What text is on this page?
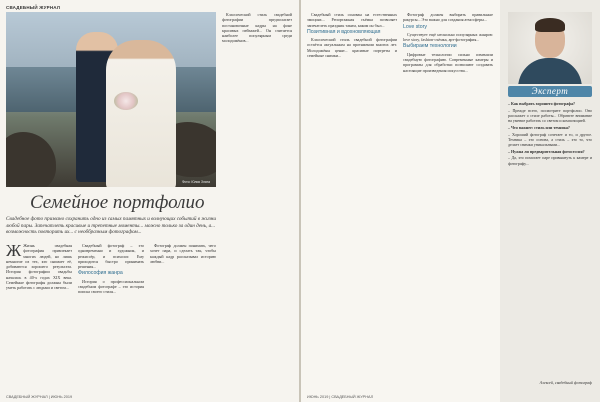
СВАДЕБНЫЙ ЖУРНАЛ
Фото: Юлия Злата
Семейное портфолио
Свадебное фото призвано сохранить одно из самых памятных и волнующих событий в жизни любой пары. Запечатлеть красивые и трепетные моменты... можно только за один день, а... возможность повторить их... с необбразным фотографом...

Ж Жизнь свадебная фотография привлекает многих людей, но лишь немногие из тех, кто снимает её, добиваются хорошего результата. История фотографии свадьбы началась в 40-х годах XIX века. Семейные фотографы должны были уметь работать с людьми и светом...

Свадебный фотограф – это одновременно и художник, и режиссёр, и психолог. Ему приходится быстро принимать решения...

Философия жанра

История о профессиональном свадебном фотографе – это история поиска своего стиля...

Фотограф должен понимать, чего хочет пара, и сделать так, чтобы каждый кадр рассказывал историю любви...

Классический стиль свадебной фотографии предполагает постановочные кадры на фоне красивых пейзажей... Он считается наиболее популярным среди молодожёнов...

СВАДЕБНЫЙ ЖУРНАЛ | ИЮНЬ 2019

Свадебный стиль основан на естественных эмоциях... Репортажная съёмка позволяет запечатлеть праздник таким, каким он был...

Позитивная и вдохновляющая

Классический стиль свадебной фотографии остаётся актуальным на протяжении многих лет. Молодожёны ценят... красивые портреты и семейные снимки...

Фотограф должен выбирать правильные ракурсы... Это важно для создания атмосферы...

Love story

Существует ещё несколько популярных жанров: love story, fashion-съёмка, арт-фотография...

Выбираем технологии

Цифровые технологии сильно изменили свадебную фотографию. Современные камеры и программы для обработки позволяют создавать настоящие произведения искусства...

Эксперт

– Как выбрать хорошего фотографа?

– Прежде всего, посмотрите портфолио. Оно расскажет о стиле работы... Обратите внимание на умение работать со светом и композицией.

– Что важнее: стиль или техника?

– Хороший фотограф сочетает и то, и другое. Техника – это основа, а стиль – это то, что делает снимки уникальными...

– Нужна ли предварительная фотосессия?

– Да, это помогает паре привыкнуть к камере и фотографу...

Алексей, свадебный фотограф
ИЮНЬ 2019 | СВАДЕБНЫЙ ЖУРНАЛ
